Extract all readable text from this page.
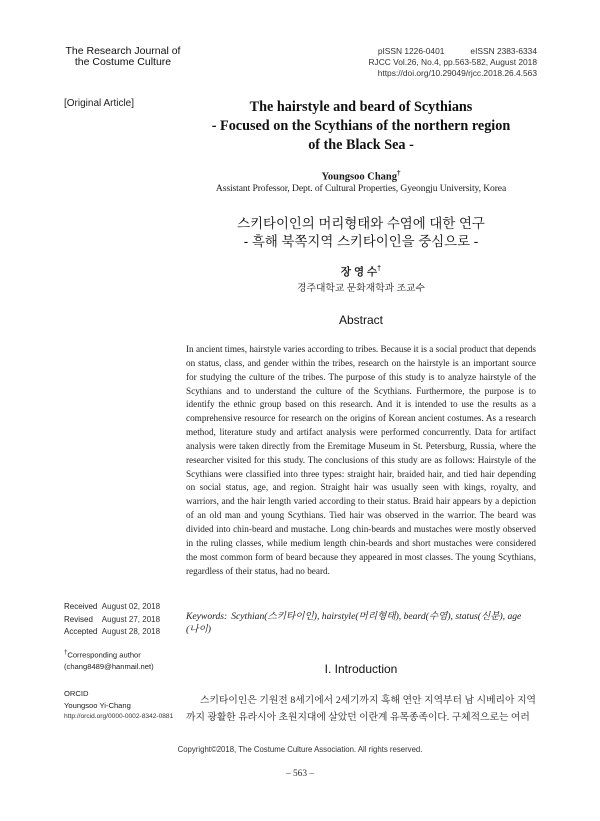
The Research Journal of
the Costume Culture
pISSN 1226-0401	eISSN 2383-6334
RJCC Vol.26, No.4, pp.563-582, August 2018
https://doi.org/10.29049/rjcc.2018.26.4.563
[Original Article]	The hairstyle and beard of Scythians
- Focused on the Scythians of the northern region
of the Black Sea -
Youngsoo Chang†
Assistant Professor, Dept. of Cultural Properties, Gyeongju University, Korea
스키타이인의 머리형태와 수염에 대한 연구
- 흑해 북쪽지역 스키타이인을 중심으로 -
장 영 수†
경주대학교 문화재학과 조교수
Abstract
In ancient times, hairstyle varies according to tribes. Because it is a social product that depends on status, class, and gender within the tribes, research on the hairstyle is an important source for studying the culture of the tribes. The purpose of this study is to analyze hairstyle of the Scythians and to understand the culture of the Scythians. Furthermore, the purpose is to identify the ethnic group based on this research. And it is intended to use the results as a comprehensive resource for research on the origins of Korean ancient costumes. As a research method, literature study and artifact analysis were performed concurrently. Data for artifact analysis were taken directly from the Eremitage Museum in St. Petersburg, Russia, where the researcher visited for this study. The conclusions of this study are as follows: Hairstyle of the Scythians were classified into three types: straight hair, braided hair, and tied hair depending on social status, age, and region. Straight hair was usually seen with kings, royalty, and warriors, and the hair length varied according to their status. Braid hair appears by a depiction of an old man and young Scythians. Tied hair was observed in the warrior. The beard was divided into chin-beard and mustache. Long chin-beards and mustaches were mostly observed in the ruling classes, while medium length chin-beards and short mustaches were considered the most common form of beard because they appeared in most classes. The young Scythians, regardless of their status, had no beard.
Keywords: Scythian(스키타이인), hairstyle(머리형태), beard(수염), status(신분), age (나이)
Received August 02, 2018
Revised August 27, 2018
Accepted August 28, 2018
†Corresponding author
(chang8489@hanmail.net)
ORCID
Youngsoo Yi-Chang
http://orcid.org/0000-0002-8342-0881
I. Introduction
스키타이인은 기원전 8세기에서 2세기까지 흑해 연안 지역부터 남 시베리아 지역까지 광활한 유라시아 초원지대에 살았던 이란계 유목종족이다. 구체적으로는 여러
Copyright©2018, The Costume Culture Association. All rights reserved.
– 563 –
